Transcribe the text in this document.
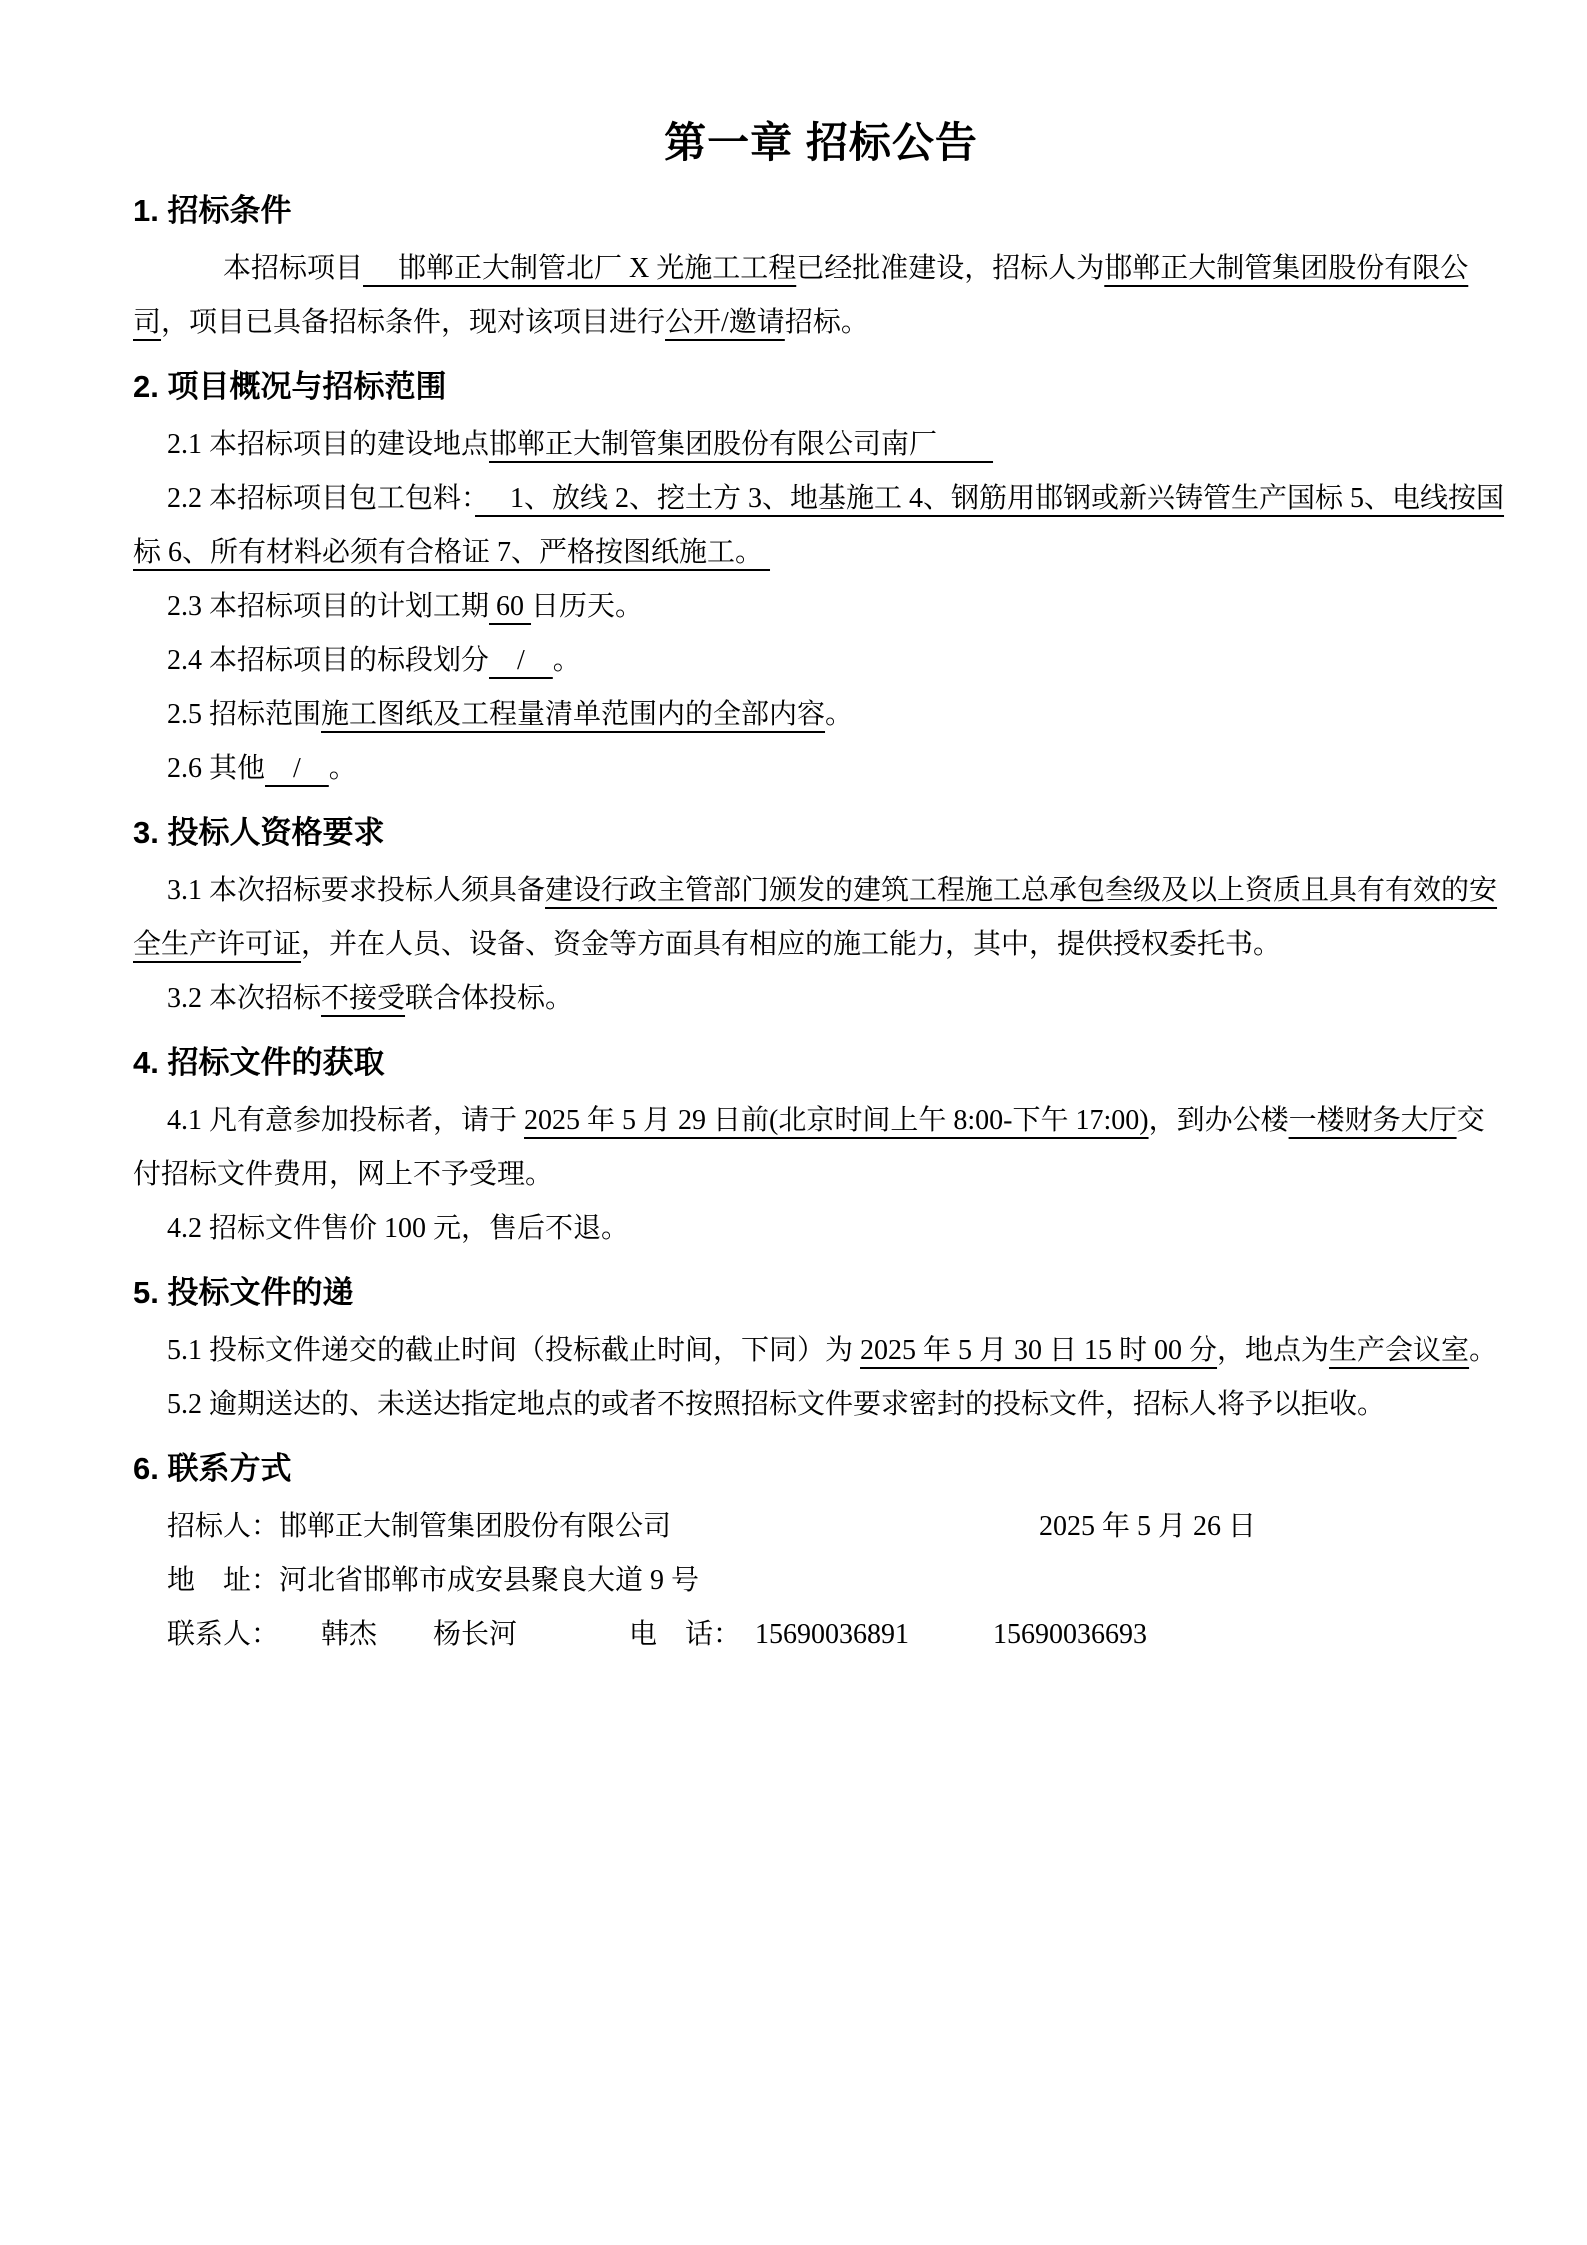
第一章 招标公告
1. 招标条件

本招标项目　 邯郸正大制管北厂 X 光施工工程已经批准建设，招标人为邯郸正大制管集团股份有限公司，项目已具备招标条件，现对该项目进行公开/邀请招标。

2. 项目概况与招标范围

2.1 本招标项目的建设地点邯郸正大制管集团股份有限公司南厂　　

2.2 本招标项目包工包料：　 1、放线 2、挖土方 3、地基施工 4、钢筋用邯钢或新兴铸管生产国标 5、电线按国标 6、所有材料必须有合格证 7、严格按图纸施工。

2.3 本招标项目的计划工期 60 日历天。

2.4 本招标项目的标段划分　/　。

2.5 招标范围施工图纸及工程量清单范围内的全部内容。

2.6 其他　/　。

3. 投标人资格要求

3.1 本次招标要求投标人须具备建设行政主管部门颁发的建筑工程施工总承包叁级及以上资质且具有有效的安全生产许可证，并在人员、设备、资金等方面具有相应的施工能力，其中，提供授权委托书。

3.2 本次招标不接受联合体投标。

4. 招标文件的获取

4.1 凡有意参加投标者，请于 2025 年 5 月 29 日前(北京时间上午 8:00-下午 17:00)，到办公楼一楼财务大厅交付招标文件费用，网上不予受理。

4.2 招标文件售价 100 元，售后不退。

5. 投标文件的递

5.1 投标文件递交的截止时间（投标截止时间，下同）为 2025 年 5 月 30 日 15 时 00 分，地点为生产会议室。

5.2 逾期送达的、未送达指定地点的或者不按照招标文件要求密封的投标文件，招标人将予以拒收。

6. 联系方式
招标人：邯郸正大制管集团股份有限公司	2025 年 5 月 26 日
地　址：河北省邯郸市成安县聚良大道 9 号
联系人：　　韩杰　　杨长河　　　　电　话：　15690036891　　　15690036693
